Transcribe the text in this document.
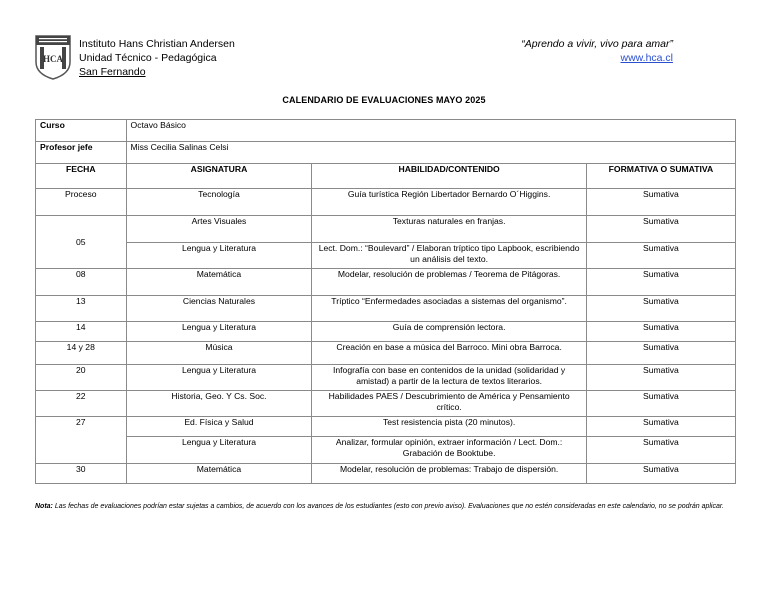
HCA
Instituto Hans Christian Andersen
Unidad Técnico - Pedagógica
San Fernando
“Aprendo a vivir, vivo para amar”
www.hca.cl
CALENDARIO DE EVALUACIONES MAYO 2025
Curso	Octavo Básico		
Profesor jefe	Miss Cecilia Salinas Celsi		
FECHA	ASIGNATURA	HABILIDAD/CONTENIDO	FORMATIVA O SUMATIVA
Proceso	Tecnología	Guía turística Región Libertador Bernardo O´Higgins.	Sumativa
05	Artes Visuales	Texturas naturales en franjas.	Sumativa
	Lengua y Literatura	Lect. Dom.: “Boulevard” / Elaboran tríptico tipo Lapbook, escribiendo un análisis del texto.	Sumativa
08	Matemática	Modelar, resolución de problemas / Teorema de Pitágoras.	Sumativa
13	Ciencias Naturales	Tríptico “Enfermedades asociadas a sistemas del organismo”.	Sumativa
14	Lengua y Literatura	Guía de comprensión lectora.	Sumativa
14 y 28	Música	Creación en base a música del Barroco. Mini obra Barroca.	Sumativa
20	Lengua y Literatura	Infografía con base en contenidos de la unidad (solidaridad y amistad) a partir de la lectura de textos literarios.	Sumativa
22	Historia, Geo. Y Cs. Soc.	Habilidades PAES / Descubrimiento de América y Pensamiento crítico.	Sumativa
27	Ed. Física y Salud	Test resistencia pista (20 minutos).	Sumativa
	Lengua y Literatura	Analizar, formular opinión, extraer información / Lect. Dom.: Grabación de Booktube.	Sumativa
30	Matemática	Modelar, resolución de problemas: Trabajo de dispersión.	Sumativa
Nota: Las fechas de evaluaciones podrían estar sujetas a cambios, de acuerdo con los avances de los estudiantes (esto con previo aviso). Evaluaciones que no estén consideradas en este calendario, no se podrán aplicar.
